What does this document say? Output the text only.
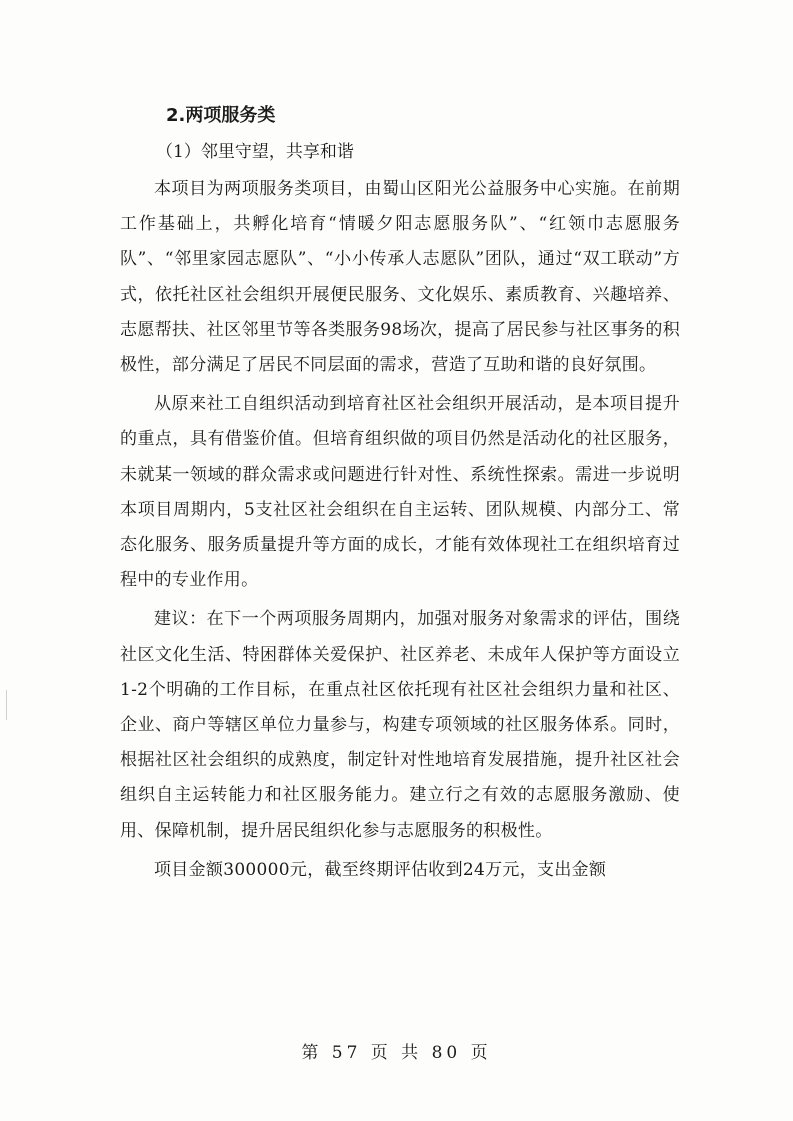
2.两项服务类
（1）邻里守望，共享和谐

本项目为两项服务类项目，由蜀山区阳光公益服务中心实施。在前期工作基础上，共孵化培育“情暖夕阳志愿服务队”、“红领巾志愿服务队”、“邻里家园志愿队”、“小小传承人志愿队”团队，通过“双工联动”方式，依托社区社会组织开展便民服务、文化娱乐、素质教育、兴趣培养、志愿帮扶、社区邻里节等各类服务98场次，提高了居民参与社区事务的积极性，部分满足了居民不同层面的需求，营造了互助和谐的良好氛围。

从原来社工自组织活动到培育社区社会组织开展活动，是本项目提升的重点，具有借鉴价值。但培育组织做的项目仍然是活动化的社区服务，未就某一领域的群众需求或问题进行针对性、系统性探索。需进一步说明本项目周期内，5支社区社会组织在自主运转、团队规模、内部分工、常态化服务、服务质量提升等方面的成长，才能有效体现社工在组织培育过程中的专业作用。

建议：在下一个两项服务周期内，加强对服务对象需求的评估，围绕社区文化生活、特困群体关爱保护、社区养老、未成年人保护等方面设立1-2个明确的工作目标，在重点社区依托现有社区社会组织力量和社区、企业、商户等辖区单位力量参与，构建专项领域的社区服务体系。同时，根据社区社会组织的成熟度，制定针对性地培育发展措施，提升社区社会组织自主运转能力和社区服务能力。建立行之有效的志愿服务激励、使用、保障机制，提升居民组织化参与志愿服务的积极性。

项目金额300000元，截至终期评估收到24万元，支出金额

第 57 页 共 80 页
